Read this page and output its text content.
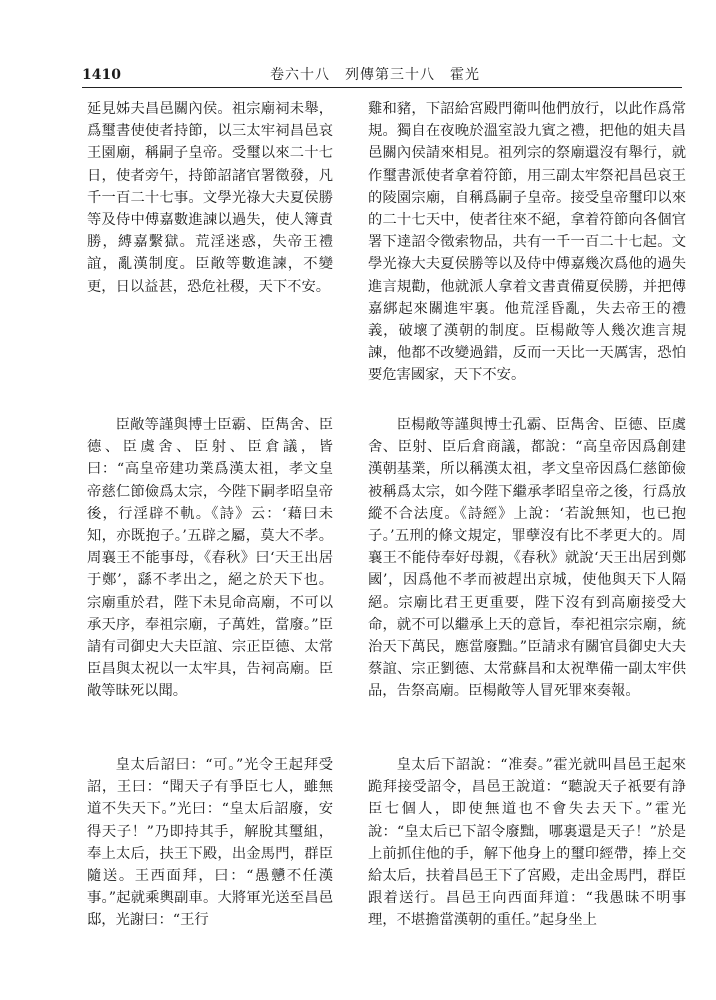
1410	卷六十八　列傳第三十八　霍光

延見姊夫昌邑關內侯。祖宗廟祠未舉，爲璽書使使者持節，以三太牢祠昌邑哀王園廟，稱嗣子皇帝。受璽以來二十七日，使者旁午，持節詔諸官署徵發，凡千一百二十七事。文學光祿大夫夏侯勝等及侍中傅嘉數進諫以過失，使人簿責勝，縛嘉繫獄。荒淫迷惑，失帝王禮誼，亂漢制度。臣敞等數進諫，不變更，日以益甚，恐危社稷，天下不安。

臣敞等謹與博士臣霸、臣雋舍、臣德、臣虞舍、臣射、臣倉議，皆曰：“高皇帝建功業爲漢太祖，孝文皇帝慈仁節儉爲太宗，今陛下嗣孝昭皇帝後，行淫辟不軌。《詩》云：‘藉曰未知，亦既抱子。’五辟之屬，莫大不孝。周襄王不能事母，《春秋》曰‘天王出居于鄭’，繇不孝出之，絕之於天下也。宗廟重於君，陛下未見命高廟，不可以承天序，奉祖宗廟，子萬姓，當廢。”臣請有司御史大夫臣誼、宗正臣德、太常臣昌與太祝以一太牢具，告祠高廟。臣敞等昧死以聞。

皇太后詔曰：“可。”光令王起拜受詔，王曰：“聞天子有爭臣七人，雖無道不失天下。”光曰：“皇太后詔廢，安得天子！”乃即持其手，解脫其璽組，奉上太后，扶王下殿，出金馬門，群臣隨送。王西面拜，曰：“愚戇不任漢事。”起就乘輿副車。大將軍光送至昌邑邸，光謝曰：“王行

雞和豬，下詔給宮殿門衛叫他們放行，以此作爲常規。獨自在夜晚於溫室設九賓之禮，把他的姐夫昌邑關內侯請來相見。祖列宗的祭廟還沒有舉行，就作璽書派使者拿着符節，用三副太牢祭祀昌邑哀王的陵園宗廟，自稱爲嗣子皇帝。接受皇帝璽印以來的二十七天中，使者往來不絕，拿着符節向各個官署下達詔令徵索物品，共有一千一百二十七起。文學光祿大夫夏侯勝等以及侍中傅嘉幾次爲他的過失進言規勸，他就派人拿着文書責備夏侯勝，并把傅嘉綁起來關進牢裏。他荒淫昏亂，失去帝王的禮義，破壞了漢朝的制度。臣楊敞等人幾次進言規諫，他都不改變過錯，反而一天比一天厲害，恐怕要危害國家，天下不安。

臣楊敞等謹與博士孔霸、臣雋舍、臣德、臣虞舍、臣射、臣后倉商議，都說：“高皇帝因爲創建漢朝基業，所以稱漢太祖，孝文皇帝因爲仁慈節儉被稱爲太宗，如今陛下繼承孝昭皇帝之後，行爲放縱不合法度。《詩經》上說：‘若說無知，也已抱子。’五刑的條文規定，罪孽沒有比不孝更大的。周襄王不能侍奉好母親，《春秋》就說‘天王出居到鄭國’，因爲他不孝而被趕出京城，使他與天下人隔絕。宗廟比君王更重要，陛下沒有到高廟接受大命，就不可以繼承上天的意旨，奉祀祖宗宗廟，統治天下萬民，應當廢黜。”臣請求有關官員御史大夫蔡誼、宗正劉德、太常蘇昌和太祝準備一副太牢供品，告祭高廟。臣楊敞等人冒死罪來奏報。

皇太后下詔說：“准奏。”霍光就叫昌邑王起來跪拜接受詔令，昌邑王說道：“聽說天子祇要有諍臣七個人，即使無道也不會失去天下。”霍光說：“皇太后已下詔令廢黜，哪裏還是天子！”於是上前抓住他的手，解下他身上的璽印經帶，捧上交給太后，扶着昌邑王下了宮殿，走出金馬門，群臣跟着送行。昌邑王向西面拜道：“我愚昧不明事理，不堪擔當漢朝的重任。”起身坐上
